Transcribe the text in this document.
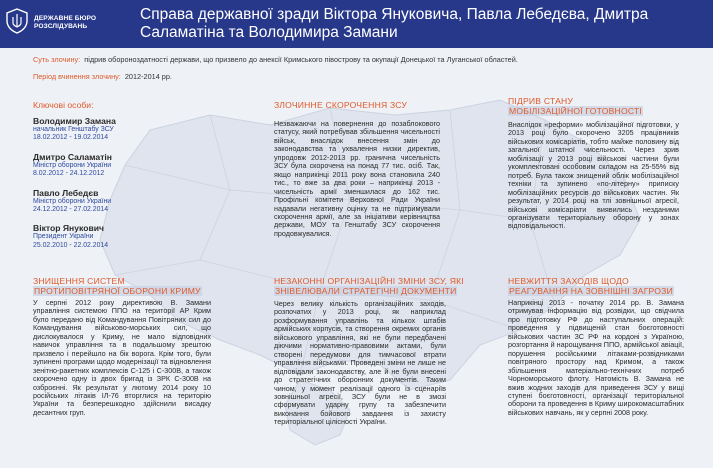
ДЕРЖАВНЕ БЮРО
РОЗСЛІДУВАНЬ
Справа державної зради Віктора Януковича, Павла Лебедєва, Дмитра Саламатіна та Володимира Замани
Суть злочину: підрив обороноздатності держави, що призвело до анексії Кримського півострову та окупації Донецької та Луганської областей.
Період вчинення злочину: 2012-2014 рр.
Ключові особи:
Володимир Замана
начальник Генштабу ЗСУ
18.02.2012 - 19.02.2014
Дмитро Саламатін
Міністр оборони України
8.02.2012 - 24.12.2012
Павло Лебедєв
Міністр оборони України
24.12.2012 - 27.02.2014
Віктор Янукович
Президент України
25.02.2010 - 22.02.2014
ЗЛОЧИННЕ СКОРОЧЕННЯ ЗСУ
Незважаючи на повернення до позаблокового статусу, який потребував збільшення чисельності військ, внаслідок внесення змін до законодавства та ухвалення низки директив, упродовж 2012-2013 рр. гранична чисельність ЗСУ була скорочена на понад 77 тис. осіб. Так, якщо наприкінці 2011 року вона становила 240 тис., то вже за два роки – наприкінці 2013 - чисельність армії зменшилася до 162 тис. Профільні комітети Верховної Ради України надавали негативну оцінку та не підтримували скорочення армії, але за ініціативи керівництва держави, МОУ та Генштабу ЗСУ скорочення продовжувалися.
ПІДРИВ СТАНУ
МОБІЛІЗАЦІЙНОЇ ГОТОВНОСТІ
Внаслідок «реформи» мобілізаційної підготовки, у 2013 році було скорочено 3205 працівників військових комісаріатів, тобто майже половину від загальної штатної чисельності. Через зрив мобілізації у 2013 році військові частини були укомплектовані особовим складом на 25-55% від потреб. Була також знищений облік мобілізаційної техніки та зупинено «по-літерну» приписку мобілізаційних ресурсів до військових частин. Як результат, у 2014 році на тлі зовнішньої агресії, військові комісаріати виявились незданими організувати територіальну оборону у зонах відповідальності.
ЗНИЩЕННЯ СИСТЕМ
ПРОТИПОВІТРЯНОЇ ОБОРОНИ КРИМУ
У серпні 2012 року директивою В. Замани управління системою ППО на території АР Крим було передано від Командування Повітряних сил до Командування військово-морських сил, що дислокувалося у Криму, не мало відповідних навичок управління та в подальшому зрештою призвело і перейшло на бік ворога. Крім того, були зупинені програми щодо модернізації та відновлення зенітно-ракетних комплексів С-125 і С-300В, а також скорочено одну із двох бригад із ЗРК С-300В на озброєнні. Як результат у лютому 2014 року 10 російських літаків ІЛ-76 вторглися на територію України та безперешкодно здійснили висадку десантних груп.
НЕЗАКОННІ ОРГАНІЗАЦІЙНІ ЗМІНИ ЗСУ, ЯКІ
ЗНІВЕЛЮВАЛИ СТРАТЕГІЧНІ ДОКУМЕНТИ
Через велику кількість організаційних заходів, розпочатих у 2013 році, як наприклад розформування управлінь та кількох штабів армійських корпусів, та створення окремих органів військового управління, які не були передбачені діючими нормативно-правовими актами, були створені передумови для тимчасової втрати управління військами. Проведені зміни не лише не відповідали законодавству, але й не були внесені до стратегічних оборонних документів. Таким чином, у момент реалізації одного із сценаріїв зовнішньої агресії, ЗСУ були не в змозі сформувати ударну групу та забезпечити виконання бойового завдання із захисту територіальної цілісності України.
НЕВЖИТТЯ ЗАХОДІВ ЩОДО
РЕАГУВАННЯ НА ЗОВНІШНІ ЗАГРОЗИ
Наприкінці 2013 - початку 2014 рр. В. Замана отримував інформацію від розвідки, що свідчила про підготовку РФ до наступальних операцій: проведення у підвищеній стан боєготовності військових частин ЗС РФ на кордоні з Україною, розгортання й нарощування ППО, армійської авіації, порушення російськими літаками-розвідниками повітряного простору над Кримом, а також збільшення матеріально-технічних потреб Чорноморського флоту. Натомість В. Замана не вжив жодних заходів для приведення ЗСУ у вищі ступені боєготовності, організації територіальної оборони та проведення в Криму широкомасштабних військових навчань, як у серпні 2008 року.
